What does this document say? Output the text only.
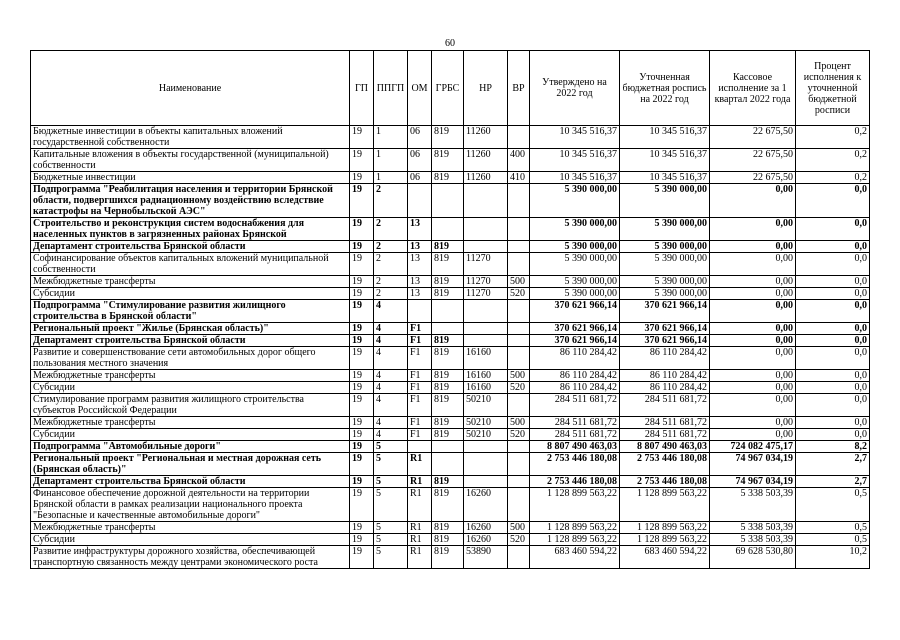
60
Наименование	ГП	ППГП	ОМ	ГРБС	НР	ВР	Утверждено на 2022 год	Уточненная бюджетная роспись на 2022 год	Кассовое исполнение за 1 квартал 2022 года	Процент исполнения к уточненной бюджетной росписи
Бюджетные инвестиции в объекты капитальных вложений государственной собственности	19	1	06	819	11260		10 345 516,37	10 345 516,37	22 675,50	0,2
Капитальные вложения в объекты государственной (муниципальной) собственности	19	1	06	819	11260	400	10 345 516,37	10 345 516,37	22 675,50	0,2
Бюджетные инвестиции	19	1	06	819	11260	410	10 345 516,37	10 345 516,37	22 675,50	0,2
Подпрограмма "Реабилитация населения и территории Брянской области, подвергшихся радиационному воздействию вследствие катастрофы на Чернобыльской АЭС"	19	2					5 390 000,00	5 390 000,00	0,00	0,0
Строительство и реконструкция систем водоснабжения для населенных пунктов в загрязненных районах Брянской	19	2	13				5 390 000,00	5 390 000,00	0,00	0,0
Департамент строительства Брянской области	19	2	13	819			5 390 000,00	5 390 000,00	0,00	0,0
Софинансирование объектов капитальных вложений муниципальной собственности	19	2	13	819	11270		5 390 000,00	5 390 000,00	0,00	0,0
Межбюджетные трансферты	19	2	13	819	11270	500	5 390 000,00	5 390 000,00	0,00	0,0
Субсидии	19	2	13	819	11270	520	5 390 000,00	5 390 000,00	0,00	0,0
Подпрограмма "Стимулирование развития жилищного строительства в Брянской области"	19	4					370 621 966,14	370 621 966,14	0,00	0,0
Региональный проект "Жилье (Брянская область)"	19	4	F1				370 621 966,14	370 621 966,14	0,00	0,0
Департамент строительства Брянской области	19	4	F1	819			370 621 966,14	370 621 966,14	0,00	0,0
Развитие и совершенствование сети автомобильных дорог общего пользования местного значения	19	4	F1	819	16160		86 110 284,42	86 110 284,42	0,00	0,0
Межбюджетные трансферты	19	4	F1	819	16160	500	86 110 284,42	86 110 284,42	0,00	0,0
Субсидии	19	4	F1	819	16160	520	86 110 284,42	86 110 284,42	0,00	0,0
Стимулирование программ развития жилищного строительства субъектов Российской Федерации	19	4	F1	819	50210		284 511 681,72	284 511 681,72	0,00	0,0
Межбюджетные трансферты	19	4	F1	819	50210	500	284 511 681,72	284 511 681,72	0,00	0,0
Субсидии	19	4	F1	819	50210	520	284 511 681,72	284 511 681,72	0,00	0,0
Подпрограмма "Автомобильные дороги"	19	5					8 807 490 463,03	8 807 490 463,03	724 082 475,17	8,2
Региональный проект "Региональная и местная дорожная сеть (Брянская область)"	19	5	R1				2 753 446 180,08	2 753 446 180,08	74 967 034,19	2,7
Департамент строительства Брянской области	19	5	R1	819			2 753 446 180,08	2 753 446 180,08	74 967 034,19	2,7
Финансовое обеспечение дорожной деятельности на территории Брянской области в рамках реализации национального проекта "Безопасные и качественные автомобильные дороги"	19	5	R1	819	16260		1 128 899 563,22	1 128 899 563,22	5 338 503,39	0,5
Межбюджетные трансферты	19	5	R1	819	16260	500	1 128 899 563,22	1 128 899 563,22	5 338 503,39	0,5
Субсидии	19	5	R1	819	16260	520	1 128 899 563,22	1 128 899 563,22	5 338 503,39	0,5
Развитие инфраструктуры дорожного хозяйства, обеспечивающей транспортную связанность между центрами экономического роста	19	5	R1	819	53890		683 460 594,22	683 460 594,22	69 628 530,80	10,2
